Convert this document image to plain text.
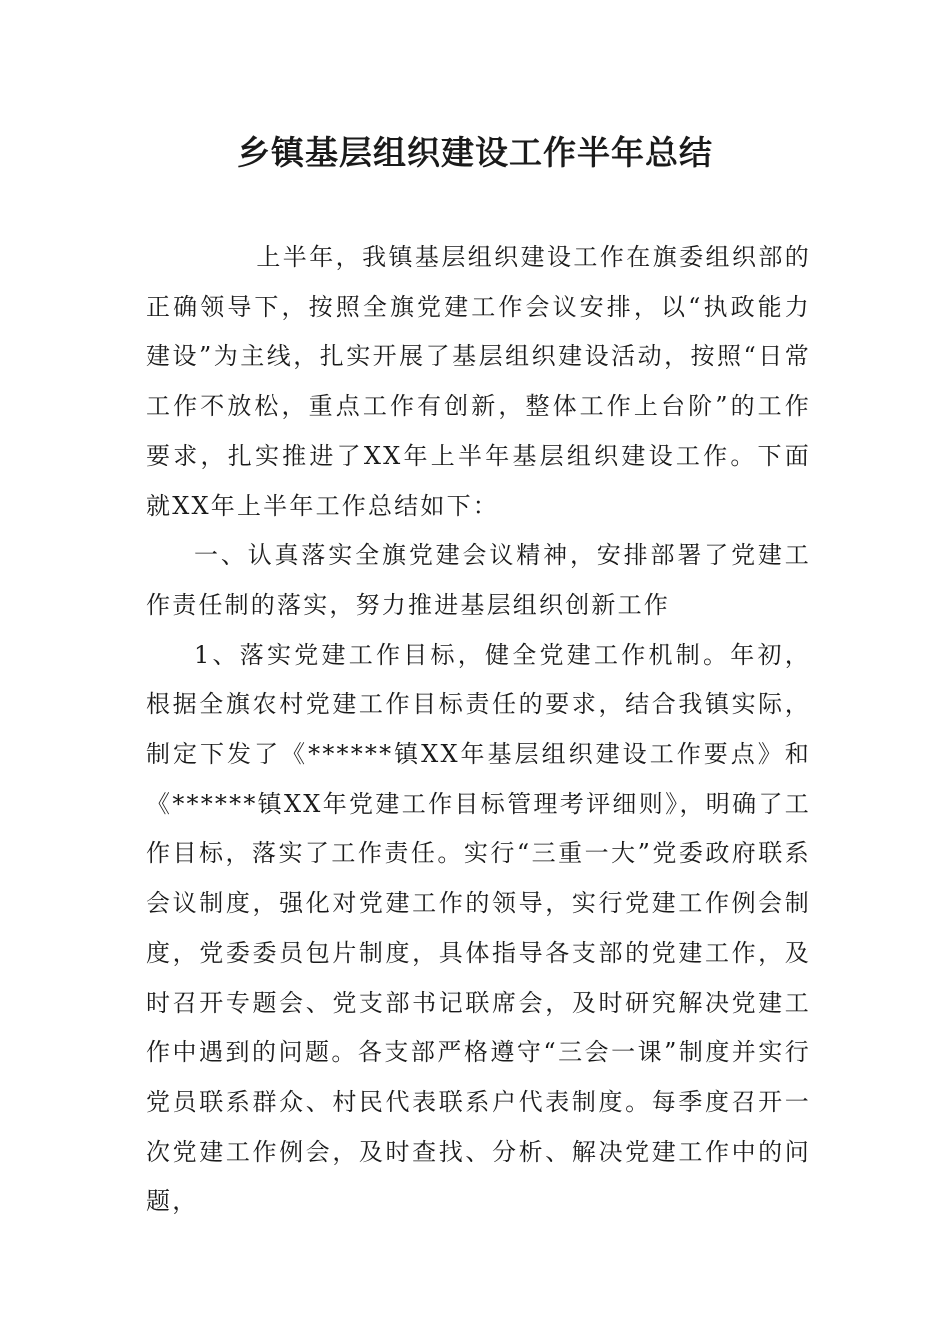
乡镇基层组织建设工作半年总结

上半年，我镇基层组织建设工作在旗委组织部的正确领导下，按照全旗党建工作会议安排，以“执政能力建设”为主线，扎实开展了基层组织建设活动，按照“日常工作不放松，重点工作有创新，整体工作上台阶”的工作要求，扎实推进了XX年上半年基层组织建设工作。下面就XX年上半年工作总结如下：

一、认真落实全旗党建会议精神，安排部署了党建工作责任制的落实，努力推进基层组织创新工作

1、落实党建工作目标，健全党建工作机制。年初，根据全旗农村党建工作目标责任的要求，结合我镇实际，制定下发了《******镇XX年基层组织建设工作要点》和《******镇XX年党建工作目标管理考评细则》，明确了工作目标，落实了工作责任。实行“三重一大”党委政府联系会议制度，强化对党建工作的领导，实行党建工作例会制度，党委委员包片制度，具体指导各支部的党建工作，及时召开专题会、党支部书记联席会，及时研究解决党建工作中遇到的问题。各支部严格遵守“三会一课”制度并实行党员联系群众、村民代表联系户代表制度。每季度召开一次党建工作例会，及时查找、分析、解决党建工作中的问题，
